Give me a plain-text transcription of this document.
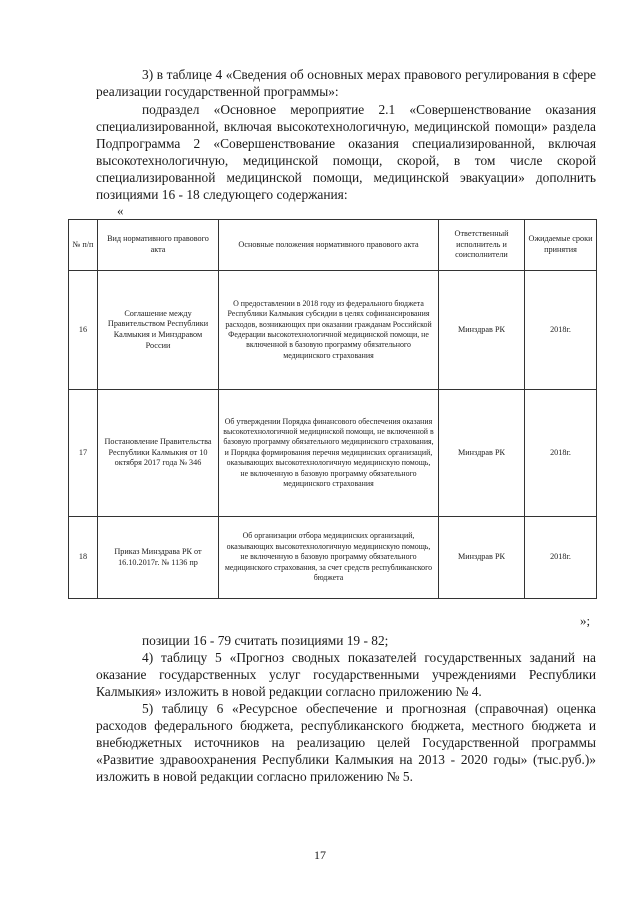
3) в таблице 4 «Сведения об основных мерах правового регулирования в сфере реализации государственной программы»:
подраздел «Основное мероприятие 2.1 «Совершенствование оказания специализированной, включая высокотехнологичную, медицинской помощи» раздела Подпрограмма 2 «Совершенствование оказания специализированной, включая высокотехнологичную, медицинской помощи, скорой, в том числе скорой специализированной медицинской помощи, медицинской эвакуации» дополнить позициями 16 - 18 следующего содержания:
«
№ п/п	Вид нормативного правового акта	Основные положения нормативного правового акта	Ответственный исполнитель и соисполнители	Ожидаемые сроки принятия
16	Соглашение между Правительством Республики Калмыкия и Минздравом России	О предоставлении в 2018 году из федерального бюджета Республики Калмыкия субсидии в целях софинансирования расходов, возникающих при оказании гражданам Российской Федерации высокотехнологичной медицинской помощи, не включенной в базовую программу обязательного медицинского страхования	Минздрав РК	2018г.
17	Постановление Правительства Республики Калмыкия от 10 октября 2017 года № 346	Об утверждении Порядка финансового обеспечения оказания высокотехнологичной медицинской помощи, не включенной в базовую программу обязательного медицинского страхования, и Порядка формирования перечня медицинских организаций, оказывающих высокотехнологичную медицинскую помощь, не включенную в базовую программу обязательного медицинского страхования	Минздрав РК	2018г.
18	Приказ Минздрава РК от 16.10.2017г. № 1136 пр	Об организации отбора медицинских организаций, оказывающих высокотехнологичную медицинскую помощь, не включенную в базовую программу обязательного медицинского страхования, за счет средств республиканского бюджета	Минздрав РК	2018г.
»;
позиции 16 - 79 считать позициями 19 - 82;
4) таблицу 5 «Прогноз сводных показателей государственных заданий на оказание государственных услуг государственными учреждениями Республики Калмыкия» изложить в новой редакции согласно приложению № 4.
5) таблицу 6 «Ресурсное обеспечение и прогнозная (справочная) оценка расходов федерального бюджета, республиканского бюджета, местного бюджета и внебюджетных источников на реализацию целей Государственной программы «Развитие здравоохранения Республики Калмыкия на 2013 - 2020 годы» (тыс.руб.)» изложить в новой редакции согласно приложению № 5.
17
